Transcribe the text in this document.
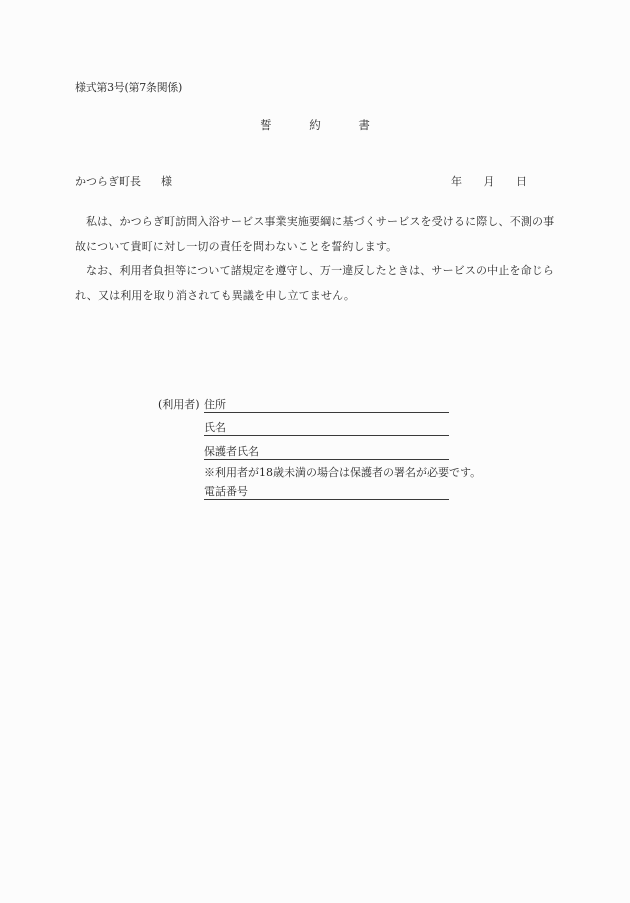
様式第3号(第7条関係)
誓	約	書
かつらぎ町長 様	年 月 日

私は、かつらぎ町訪問入浴サービス事業実施要綱に基づくサービスを受けるに際し、不測の事故について貴町に対し一切の責任を問わないことを誓約します。

なお、利用者負担等について諸規定を遵守し、万一違反したときは、サービスの中止を命じられ、又は利用を取り消されても異議を申し立てません。

(利用者) 住所
氏名
保護者氏名
※利用者が18歳未満の場合は保護者の署名が必要です。
電話番号
